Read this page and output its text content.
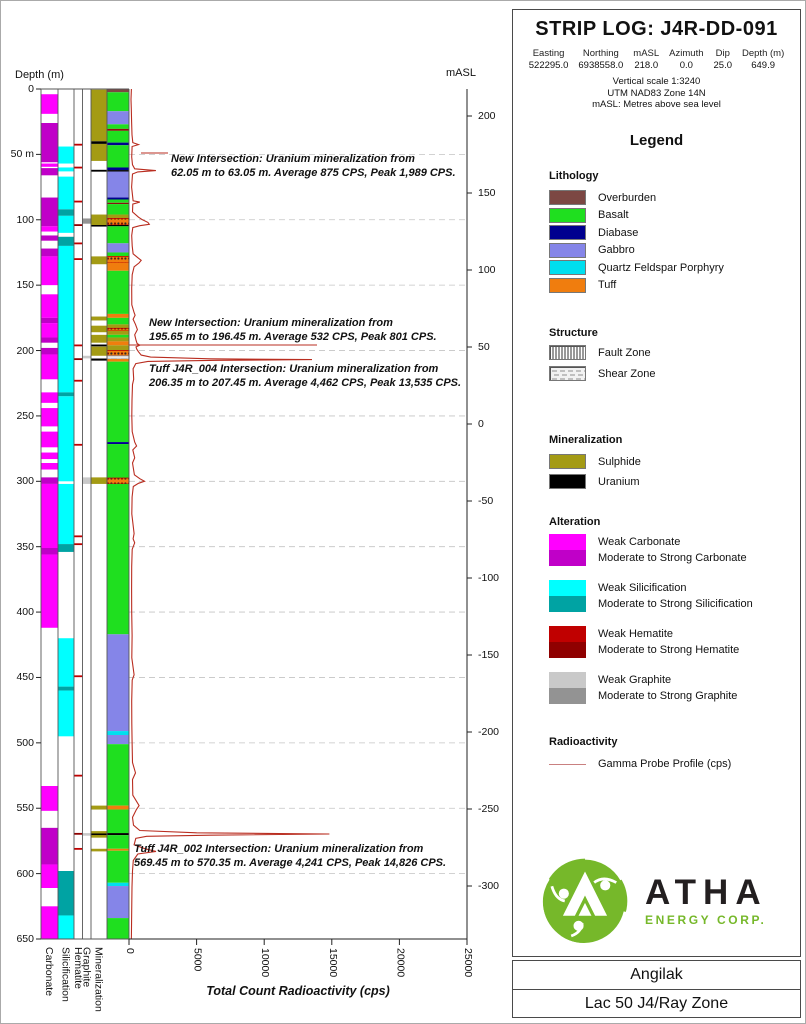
Depth (m)	mASL
Total Count Radioactivity (cps)
0
50 m
100
150
200
250
300
350
400
450
500
550
600
650
200
150
100
50
0
-50
-100
-150
-200
-250
-300
0	5000	10000	15000	20000	25000
Carbonate Silicification Hematite
Graphite Mineralization
New Intersection: Uranium mineralization from
62.05 m to 63.05 m. Average 875 CPS, Peak 1,989 CPS.
New Intersection: Uranium mineralization from
195.65 m to 196.45 m. Average 532 CPS, Peak 801 CPS.
Tuff J4R_004 Intersection: Uranium mineralization from
206.35 m to 207.45 m. Average 4,462 CPS, Peak 13,535 CPS.
Tuff J4R_002 Intersection: Uranium mineralization from
569.45 m to 570.35 m. Average 4,241 CPS, Peak 14,826 CPS.
STRIP LOG: J4R-DD-091
Easting
522295.0
Northing
6938558.0
mASL
218.0
Azimuth
0.0
Dip
25.0
Depth (m)
649.9
Vertical scale 1:3240
UTM NAD83 Zone 14N
mASL: Metres above sea level
Legend
Lithology
Overburden
Basalt
Diabase
Gabbro
Quartz Feldspar Porphyry
Tuff
Structure
Fault Zone
Shear Zone
Mineralization
Sulphide
Uranium
Alteration
Weak Carbonate
Moderate to Strong Carbonate
Weak Silicification
Moderate to Strong Silicification
Weak Hematite
Moderate to Strong Hematite
Weak Graphite
Moderate to Strong Graphite
Radioactivity
Gamma Probe Profile (cps)
ATHA
ENERGY CORP.
Angilak
Lac 50 J4/Ray Zone
